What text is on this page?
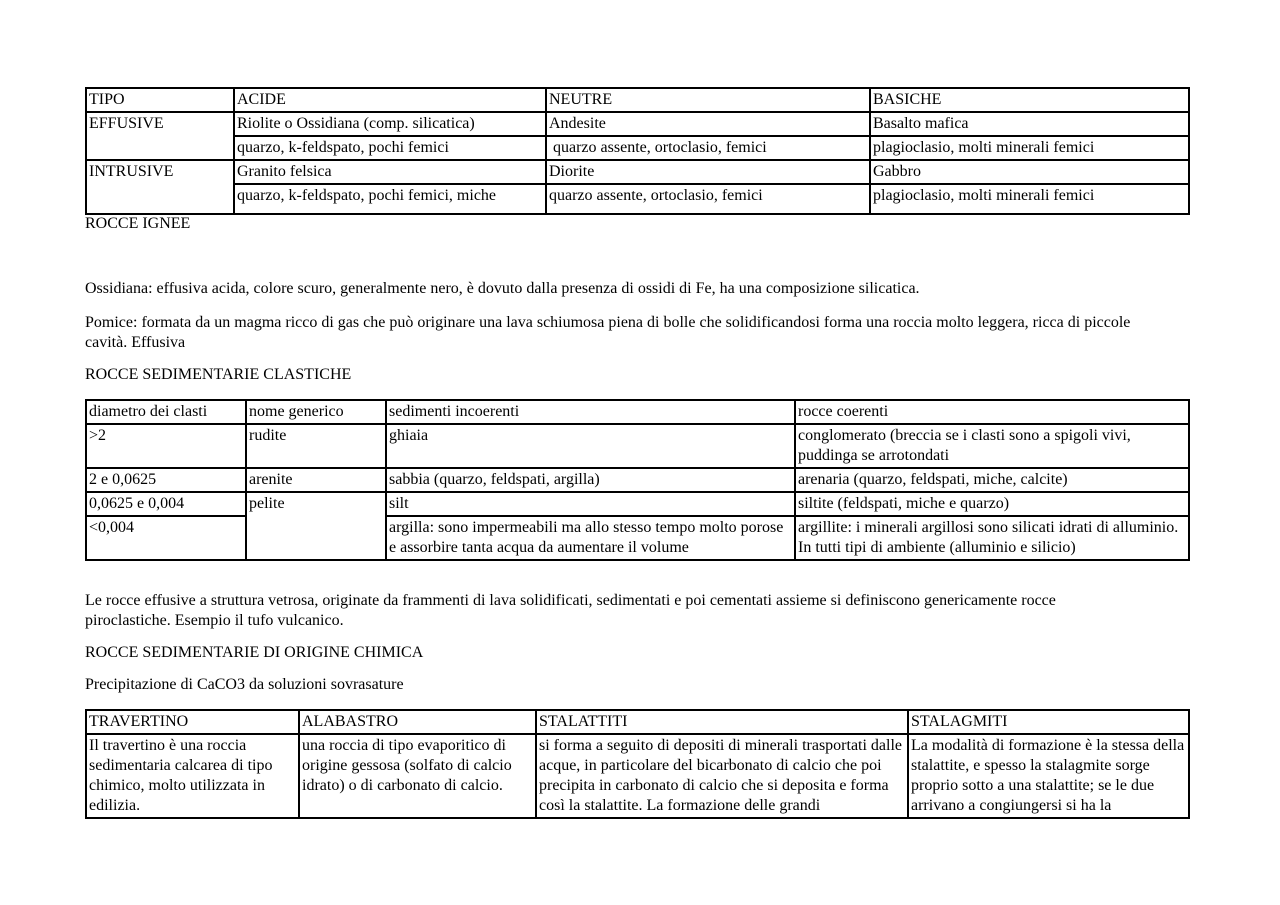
TIPO	ACIDE	NEUTRE	BASICHE
EFFUSIVE	Riolite o Ossidiana (comp. silicatica)	Andesite	Basalto mafica
	quarzo, k-feldspato, pochi femici	quarzo assente, ortoclasio, femici	plagioclasio, molti minerali femici
INTRUSIVE	Granito felsica	Diorite	Gabbro
	quarzo, k-feldspato, pochi femici, miche	quarzo assente, ortoclasio, femici	plagioclasio, molti minerali femici

ROCCE IGNEE

Ossidiana: effusiva acida, colore scuro, generalmente nero, è dovuto dalla presenza di ossidi di Fe, ha una composizione silicatica.

Pomice: formata da un magma ricco di gas che può originare una lava schiumosa piena di bolle che solidificandosi forma una roccia molto leggera, ricca di piccole cavità. Effusiva

ROCCE SEDIMENTARIE CLASTICHE

diametro dei clasti	nome generico	sedimenti incoerenti	rocce coerenti
>2	rudite	ghiaia	conglomerato (breccia se i clasti sono a spigoli vivi, puddinga se arrotondati
2 e 0,0625	arenite	sabbia (quarzo, feldspati, argilla)	arenaria (quarzo, feldspati, miche, calcite)
0,0625 e 0,004	pelite	silt	siltite (feldspati, miche e quarzo)
<0,004		argilla: sono impermeabili ma allo stesso tempo molto porose e assorbire tanta acqua da aumentare il volume	argillite: i minerali argillosi sono silicati idrati di alluminio. In tutti tipi di ambiente (alluminio e silicio)

Le rocce effusive a struttura vetrosa, originate da frammenti di lava solidificati, sedimentati e poi cementati assieme si definiscono genericamente rocce piroclastiche. Esempio il tufo vulcanico.

ROCCE SEDIMENTARIE DI ORIGINE CHIMICA

Precipitazione di CaCO3 da soluzioni sovrasature

TRAVERTINO	ALABASTRO	STALATTITI	STALAGMITI

Il travertino è una roccia sedimentaria calcarea di tipo chimico, molto utilizzata in edilizia.	una roccia di tipo evaporitico di origine gessosa (solfato di calcio idrato) o di carbonato di calcio.	si forma a seguito di depositi di minerali trasportati dalle acque, in particolare del bicarbonato di calcio che poi precipita in carbonato di calcio che si deposita e forma così la stalattite. La formazione delle grandi	La modalità di formazione è la stessa della stalattite, e spesso la stalagmite sorge proprio sotto a una stalattite; se le due arrivano a congiungersi si ha la
